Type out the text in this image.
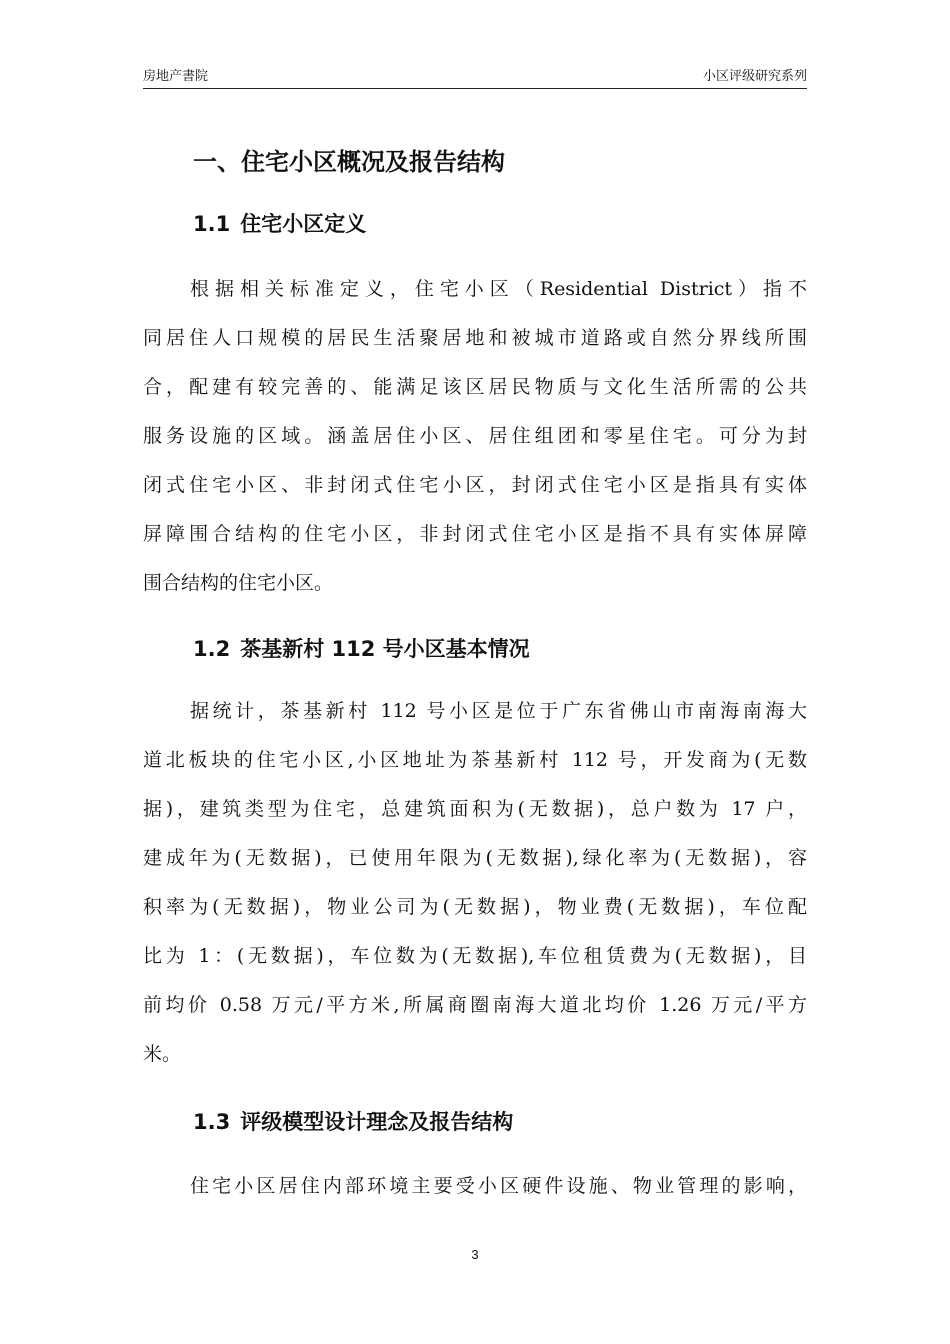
房地产書院	小区评级研究系列
一、住宅小区概况及报告结构
1.1 住宅小区定义
根据相关标准定义，住宅小区（Residential District）指不
同居住人口规模的居民生活聚居地和被城市道路或自然分界线所围
合，配建有较完善的、能满足该区居民物质与文化生活所需的公共
服务设施的区域。涵盖居住小区、居住组团和零星住宅。可分为封
闭式住宅小区、非封闭式住宅小区，封闭式住宅小区是指具有实体
屏障围合结构的住宅小区，非封闭式住宅小区是指不具有实体屏障
围合结构的住宅小区。
1.2 茶基新村 112 号小区基本情况
据统计，茶基新村 112 号小区是位于广东省佛山市南海南海大
道北板块的住宅小区,小区地址为茶基新村 112 号，开发商为(无数
据)，建筑类型为住宅，总建筑面积为(无数据)，总户数为 17 户，
建成年为(无数据)，已使用年限为(无数据),绿化率为(无数据)，容
积率为(无数据)，物业公司为(无数据)，物业费(无数据)，车位配
比为 1：(无数据)，车位数为(无数据),车位租赁费为(无数据)，目
前均价 0.58 万元/平方米,所属商圈南海大道北均价 1.26 万元/平方
米。
1.3 评级模型设计理念及报告结构
住宅小区居住内部环境主要受小区硬件设施、物业管理的影响，
3
